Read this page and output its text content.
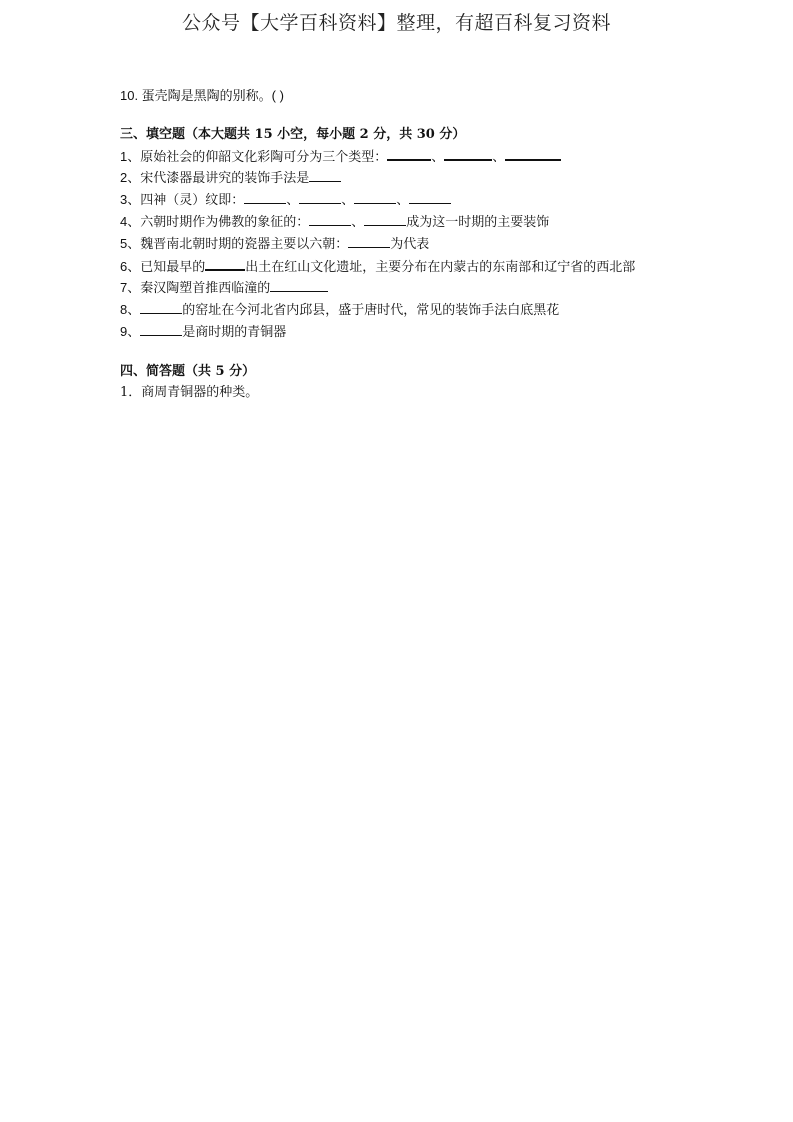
公众号【大学百科资料】整理，有超百科复习资料
10. 蛋壳陶是黑陶的别称。( )
三、填空题（本大题共 15 小空，每小题 2 分，共 30 分）
1、原始社会的仰韶文化彩陶可分为三个类型：	、	、
2、宋代漆器最讲究的装饰手法是
3、四神（灵）纹即：	、	、	、
4、六朝时期作为佛教的象征的：	、	成为这一时期的主要装饰
5、魏晋南北朝时期的瓷器主要以六朝：	为代表
6、已知最早的	出土在红山文化遗址，主要分布在内蒙古的东南部和辽宁省的西北部
7、秦汉陶塑首推西临潼的
8、	的窑址在今河北省内邱县，盛于唐时代，常见的装饰手法白底黑花
9、	是商时期的青铜器
四、简答题（共 5 分）
1．商周青铜器的种类。
